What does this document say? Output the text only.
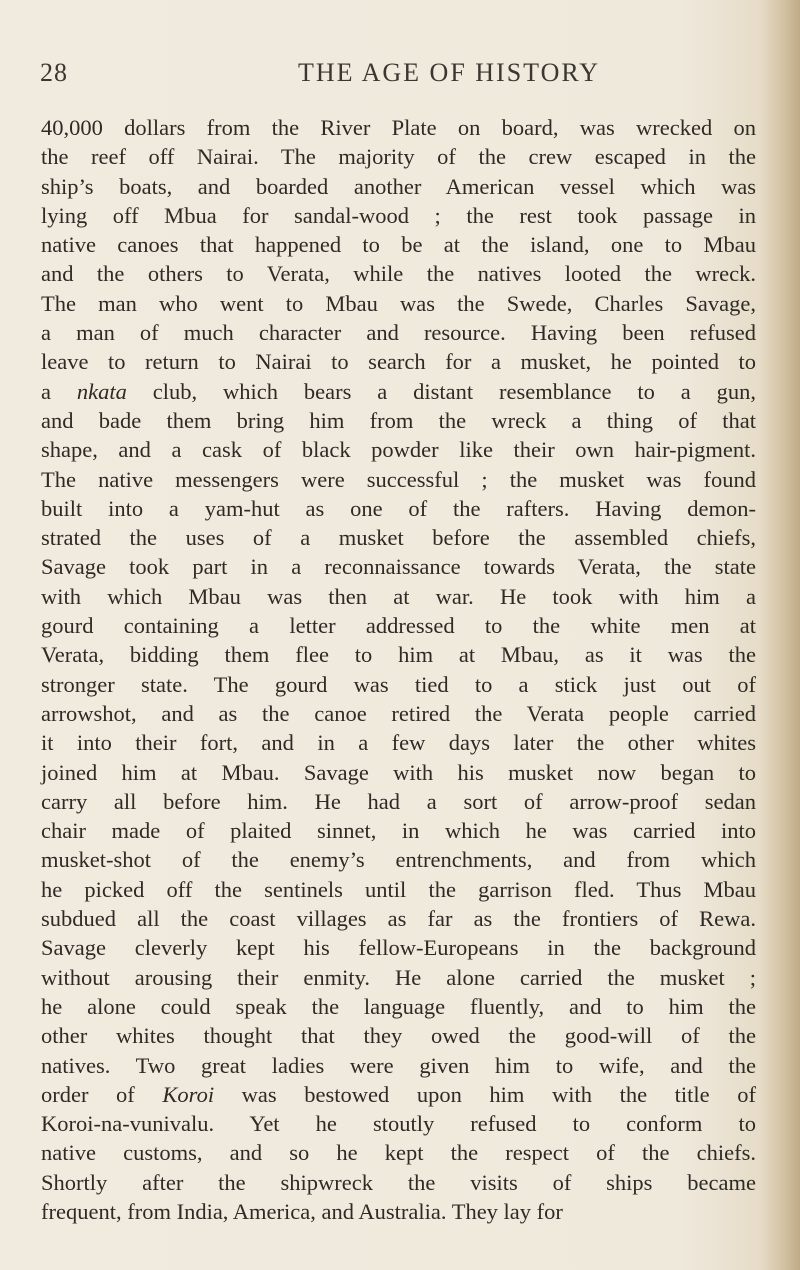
28	THE AGE OF HISTORY
40,000 dollars from the River Plate on board, was wrecked on
the reef off Nairai. The majority of the crew escaped in the
ship’s boats, and boarded another American vessel which was
lying off Mbua for sandal-wood ; the rest took passage in
native canoes that happened to be at the island, one to Mbau
and the others to Verata, while the natives looted the wreck.
The man who went to Mbau was the Swede, Charles Savage,
a man of much character and resource. Having been refused
leave to return to Nairai to search for a musket, he pointed to
a nkata club, which bears a distant resemblance to a gun,
and bade them bring him from the wreck a thing of that
shape, and a cask of black powder like their own hair-pigment.
The native messengers were successful ; the musket was found
built into a yam-hut as one of the rafters. Having demon-
strated the uses of a musket before the assembled chiefs,
Savage took part in a reconnaissance towards Verata, the state
with which Mbau was then at war. He took with him a
gourd containing a letter addressed to the white men at
Verata, bidding them flee to him at Mbau, as it was the
stronger state. The gourd was tied to a stick just out of
arrowshot, and as the canoe retired the Verata people carried
it into their fort, and in a few days later the other whites
joined him at Mbau. Savage with his musket now began to
carry all before him. He had a sort of arrow-proof sedan
chair made of plaited sinnet, in which he was carried into
musket-shot of the enemy’s entrenchments, and from which
he picked off the sentinels until the garrison fled. Thus Mbau
subdued all the coast villages as far as the frontiers of Rewa.
Savage cleverly kept his fellow-Europeans in the background
without arousing their enmity. He alone carried the musket ;
he alone could speak the language fluently, and to him the
other whites thought that they owed the good-will of the
natives. Two great ladies were given him to wife, and the
order of Koroi was bestowed upon him with the title of
Koroi-na-vunivalu. Yet he stoutly refused to conform to
native customs, and so he kept the respect of the chiefs.
Shortly after the shipwreck the visits of ships became
frequent, from India, America, and Australia. They lay for
